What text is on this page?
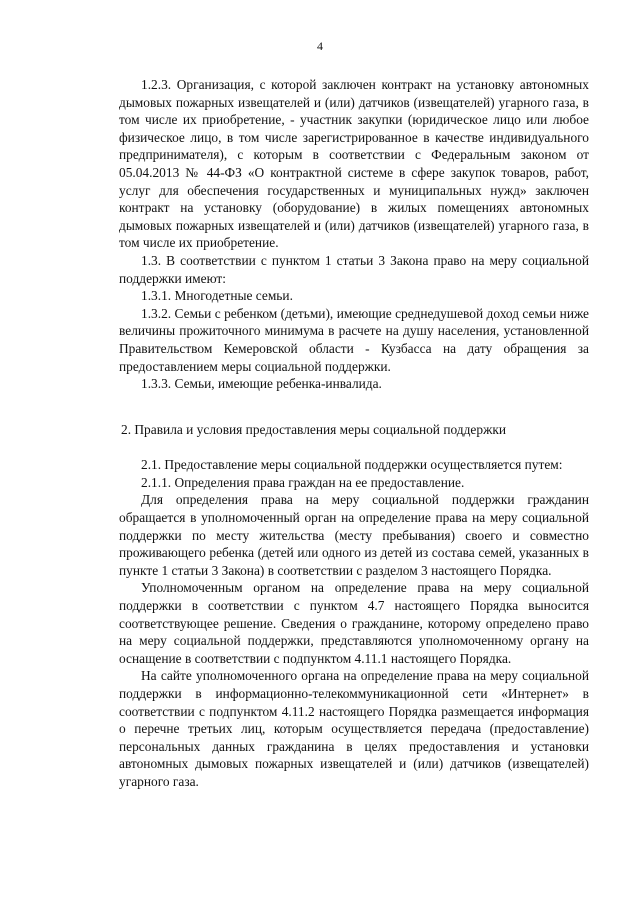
4

1.2.3. Организация, с которой заключен контракт на установку автономных дымовых пожарных извещателей и (или) датчиков (извещателей) угарного газа, в том числе их приобретение, - участник закупки (юридическое лицо или любое физическое лицо, в том числе зарегистрированное в качестве индивидуального предпринимателя), с которым в соответствии с Федеральным законом от 05.04.2013 № 44-ФЗ «О контрактной системе в сфере закупок товаров, работ, услуг для обеспечения государственных и муниципальных нужд» заключен контракт на установку (оборудование) в жилых помещениях автономных дымовых пожарных извещателей и (или) датчиков (извещателей) угарного газа, в том числе их приобретение.

1.3. В соответствии с пунктом 1 статьи 3 Закона право на меру социальной поддержки имеют:

1.3.1. Многодетные семьи.

1.3.2. Семьи с ребенком (детьми), имеющие среднедушевой доход семьи ниже величины прожиточного минимума в расчете на душу населения, установленной Правительством Кемеровской области - Кузбасса на дату обращения за предоставлением меры социальной поддержки.

1.3.3. Семьи, имеющие ребенка-инвалида.

2. Правила и условия предоставления меры социальной поддержки

2.1. Предоставление меры социальной поддержки осуществляется путем:

2.1.1. Определения права граждан на ее предоставление.

Для определения права на меру социальной поддержки гражданин обращается в уполномоченный орган на определение права на меру социальной поддержки по месту жительства (месту пребывания) своего и совместно проживающего ребенка (детей или одного из детей из состава семей, указанных в пункте 1 статьи 3 Закона) в соответствии с разделом 3 настоящего Порядка.

Уполномоченным органом на определение права на меру социальной поддержки в соответствии с пунктом 4.7 настоящего Порядка выносится соответствующее решение. Сведения о гражданине, которому определено право на меру социальной поддержки, представляются уполномоченному органу на оснащение в соответствии с подпунктом 4.11.1 настоящего Порядка.

На сайте уполномоченного органа на определение права на меру социальной поддержки в информационно-телекоммуникационной сети «Интернет» в соответствии с подпунктом 4.11.2 настоящего Порядка размещается информация о перечне третьих лиц, которым осуществляется передача (предоставление) персональных данных гражданина в целях предоставления и установки автономных дымовых пожарных извещателей и (или) датчиков (извещателей) угарного газа.
